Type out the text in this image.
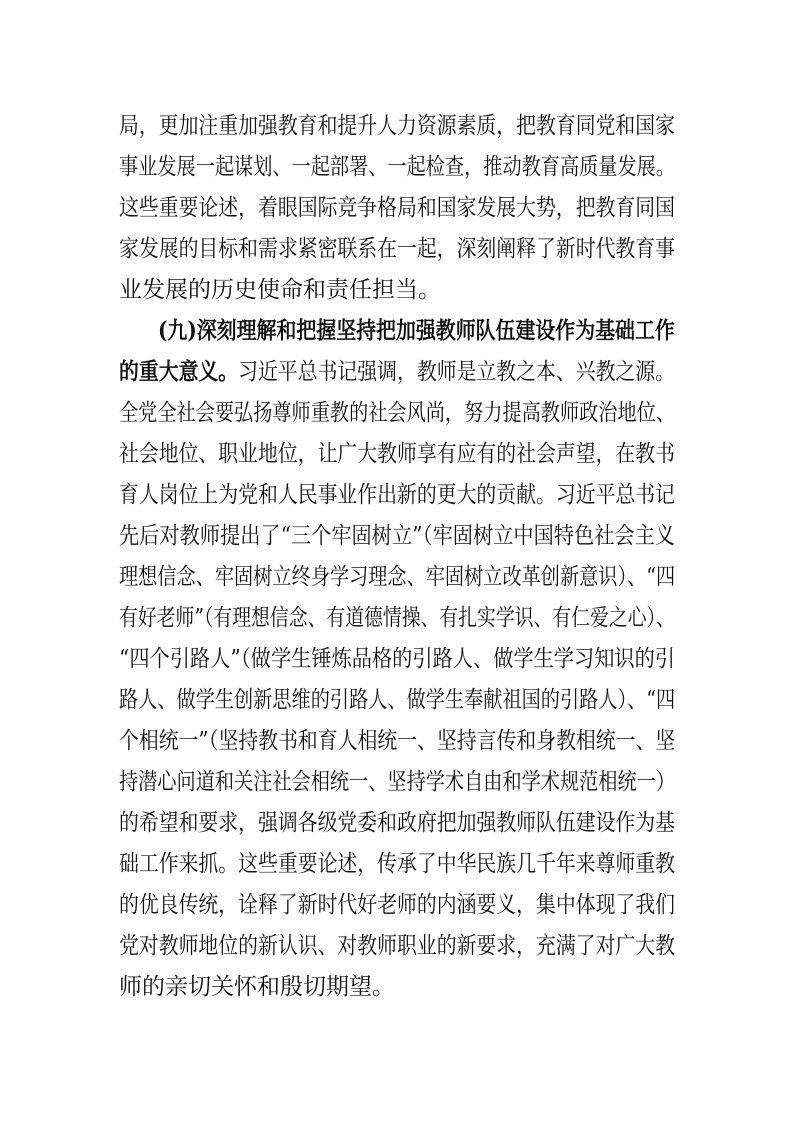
局，更加注重加强教育和提升人力资源素质，把教育同党和国家
事业发展一起谋划、一起部署、一起检查，推动教育高质量发展。
这些重要论述，着眼国际竞争格局和国家发展大势，把教育同国
家发展的目标和需求紧密联系在一起，深刻阐释了新时代教育事
业发展的历史使命和责任担当。
(九)深刻理解和把握坚持把加强教师队伍建设作为基础工作
的重大意义。习近平总书记强调，教师是立教之本、兴教之源。
全党全社会要弘扬尊师重教的社会风尚，努力提高教师政治地位、
社会地位、职业地位，让广大教师享有应有的社会声望，在教书
育人岗位上为党和人民事业作出新的更大的贡献。习近平总书记
先后对教师提出了“三个牢固树立”（牢固树立中国特色社会主义
理想信念、牢固树立终身学习理念、牢固树立改革创新意识）、“四
有好老师”（有理想信念、有道德情操、有扎实学识、有仁爱之心）、
“四个引路人”（做学生锤炼品格的引路人、做学生学习知识的引
路人、做学生创新思维的引路人、做学生奉献祖国的引路人）、“四
个相统一”（坚持教书和育人相统一、坚持言传和身教相统一、坚
持潜心问道和关注社会相统一、坚持学术自由和学术规范相统一）
的希望和要求，强调各级党委和政府把加强教师队伍建设作为基
础工作来抓。这些重要论述，传承了中华民族几千年来尊师重教
的优良传统，诠释了新时代好老师的内涵要义，集中体现了我们
党对教师地位的新认识、对教师职业的新要求，充满了对广大教
师的亲切关怀和殷切期望。
